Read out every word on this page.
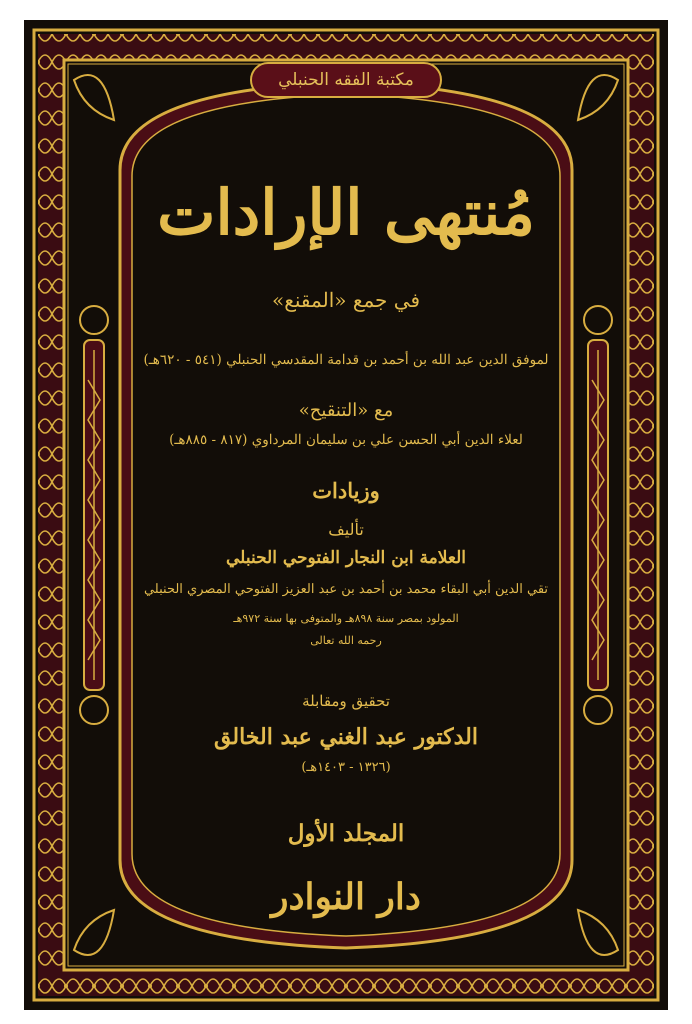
مكتبة الفقه الحنبلي
مُنتهى الإرادات
في جمع «المقنع»
لموفق الدين عبد الله بن أحمد بن قدامة المقدسي الحنبلي (٥٤١ - ٦٢٠هـ)
مع «التنقيح»
لعلاء الدين أبي الحسن علي بن سليمان المرداوي (٨١٧ - ٨٨٥هـ)
وزيادات
تأليف
العلامة ابن النجار الفتوحي الحنبلي
تقي الدين أبي البقاء محمد بن أحمد بن عبد العزيز الفتوحي المصري الحنبلي
المولود بمصر سنة ٨٩٨هـ والمتوفى بها سنة ٩٧٢هـ
رحمه الله تعالى
تحقيق ومقابلة
الدكتور عبد الغني عبد الخالق
(١٣٢٦ - ١٤٠٣هـ)
المجلد الأول
دار النوادر
